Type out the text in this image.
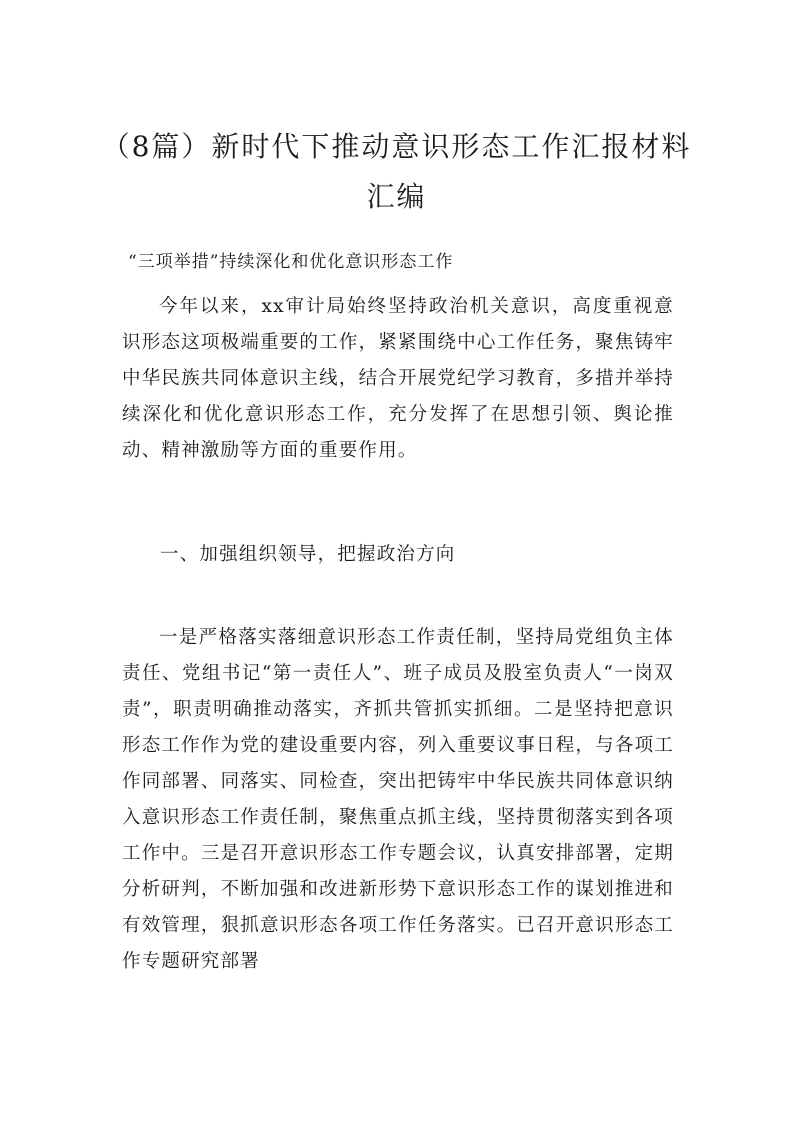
（8篇）新时代下推动意识形态工作汇报材料汇编

“三项举措”持续深化和优化意识形态工作

今年以来，xx审计局始终坚持政治机关意识，高度重视意识形态这项极端重要的工作，紧紧围绕中心工作任务，聚焦铸牢中华民族共同体意识主线，结合开展党纪学习教育，多措并举持续深化和优化意识形态工作，充分发挥了在思想引领、舆论推动、精神激励等方面的重要作用。

一、加强组织领导，把握政治方向

一是严格落实落细意识形态工作责任制，坚持局党组负主体责任、党组书记“第一责任人”、班子成员及股室负责人“一岗双责”，职责明确推动落实，齐抓共管抓实抓细。二是坚持把意识形态工作作为党的建设重要内容，列入重要议事日程，与各项工作同部署、同落实、同检查，突出把铸牢中华民族共同体意识纳入意识形态工作责任制，聚焦重点抓主线，坚持贯彻落实到各项工作中。三是召开意识形态工作专题会议，认真安排部署，定期分析研判，不断加强和改进新形势下意识形态工作的谋划推进和有效管理，狠抓意识形态各项工作任务落实。已召开意识形态工作专题研究部署
